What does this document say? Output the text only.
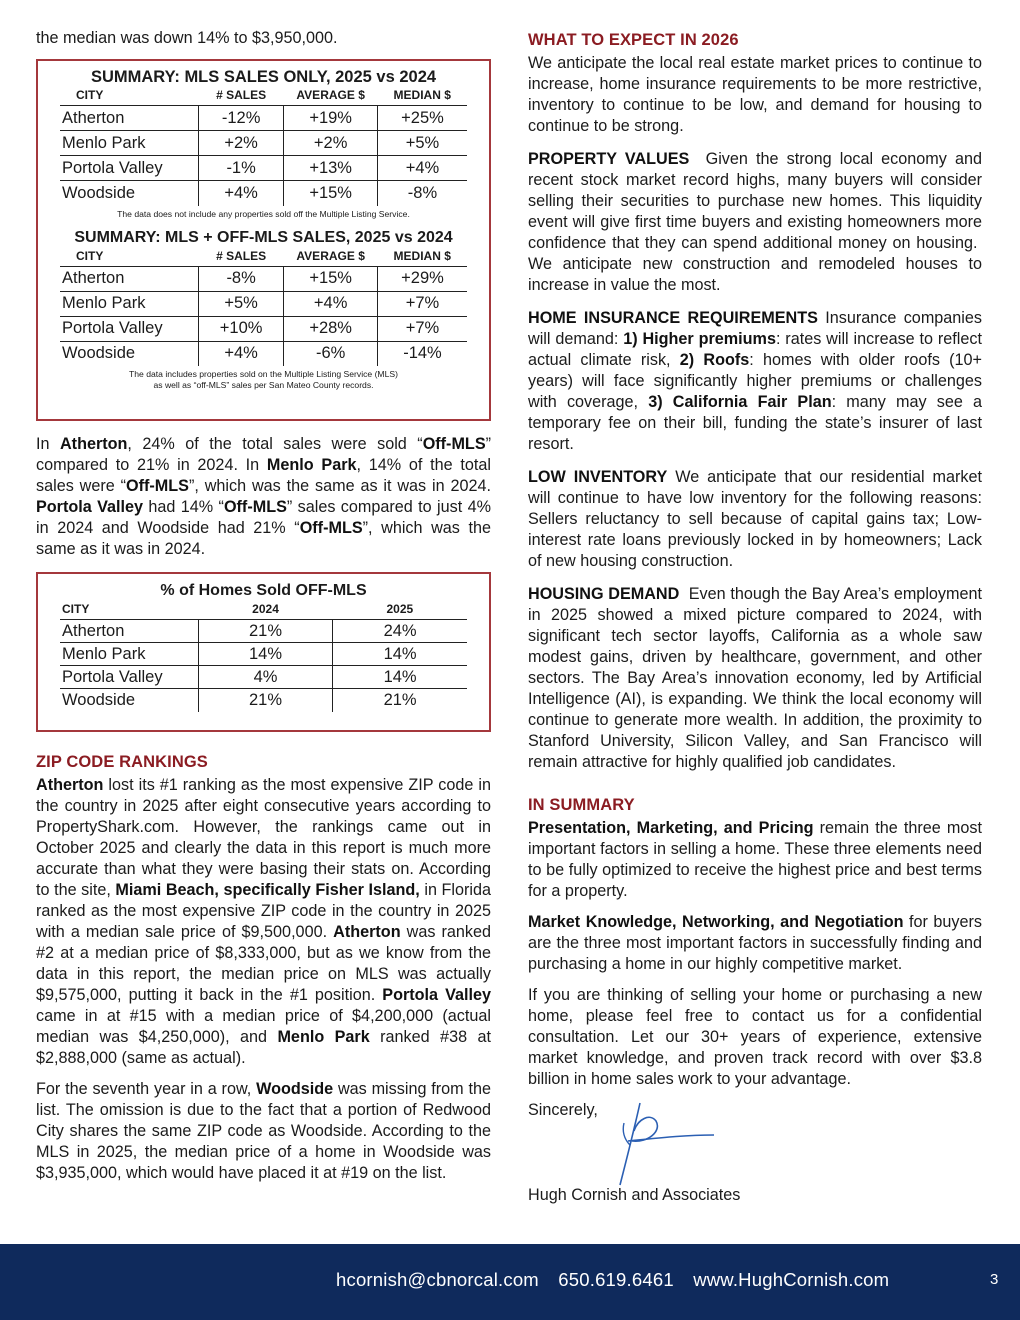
the median was down 14% to $3,950,000.

SUMMARY: MLS SALES ONLY, 2025 vs 2024
CITY	# SALES	AVERAGE $	MEDIAN $
Atherton	-12%	+19%	+25%
Menlo Park	+2%	+2%	+5%
Portola Valley	-1%	+13%	+4%
Woodside	+4%	+15%	-8%
The data does not include any properties sold off the Multiple Listing Service.
SUMMARY: MLS + OFF-MLS SALES, 2025 vs 2024
CITY	# SALES	AVERAGE $	MEDIAN $
Atherton	-8%	+15%	+29%
Menlo Park	+5%	+4%	+7%
Portola Valley	+10%	+28%	+7%
Woodside	+4%	-6%	-14%
The data includes properties sold on the Multiple Listing Service (MLS)
as well as “off-MLS” sales per San Mateo County records.

In Atherton, 24% of the total sales were sold “Off-MLS” compared to 21% in 2024. In Menlo Park, 14% of the total sales were “Off-MLS”, which was the same as it was in 2024. Portola Valley had 14% “Off-MLS” sales compared to just 4% in 2024 and Woodside had 21% “Off-MLS”, which was the same as it was in 2024.

% of Homes Sold OFF-MLS
CITY	2024	2025
Atherton	21%	24%
Menlo Park	14%	14%
Portola Valley	4%	14%
Woodside	21%	21%
ZIP CODE RANKINGS

Atherton lost its #1 ranking as the most expensive ZIP code in the country in 2025 after eight consecutive years according to PropertyShark.com. However, the rankings came out in October 2025 and clearly the data in this report is much more accurate than what they were basing their stats on. According to the site, Miami Beach, specifically Fisher Island, in Florida ranked as the most expensive ZIP code in the country in 2025 with a median sale price of $9,500,000. Atherton was ranked #2 at a median price of $8,333,000, but as we know from the data in this report, the median price on MLS was actually $9,575,000, putting it back in the #1 position. Portola Valley came in at #15 with a median price of $4,200,000 (actual median was $4,250,000), and Menlo Park ranked #38 at $2,888,000 (same as actual).

For the seventh year in a row, Woodside was missing from the list. The omission is due to the fact that a portion of Redwood City shares the same ZIP code as Woodside. According to the MLS in 2025, the median price of a home in Woodside was $3,935,000, which would have placed it at #19 on the list.

WHAT TO EXPECT IN 2026

We anticipate the local real estate market prices to continue to increase, home insurance requirements to be more restrictive, inventory to continue to be low, and demand for housing to continue to be strong.

PROPERTY VALUES  Given the strong local economy and recent stock market record highs, many buyers will consider selling their securities to purchase new homes. This liquidity event will give first time buyers and existing homeowners more confidence that they can spend additional money on housing.  We anticipate new construction and remodeled houses to increase in value the most.

HOME INSURANCE REQUIREMENTS Insurance companies will demand: 1) Higher premiums: rates will increase to reflect actual climate risk, 2) Roofs: homes with older roofs (10+ years) will face significantly higher premiums or challenges with coverage, 3) California Fair Plan: many may see a temporary fee on their bill, funding the state’s insurer of last resort.

LOW INVENTORY We anticipate that our residential market will continue to have low inventory for the following reasons: Sellers reluctancy to sell because of capital gains tax; Low-interest rate loans previously locked in by homeowners; Lack of new housing construction.

HOUSING DEMAND  Even though the Bay Area’s employment in 2025 showed a mixed picture compared to 2024, with significant tech sector layoffs, California as a whole saw modest gains, driven by healthcare, government, and other sectors. The Bay Area’s innovation economy, led by Artificial Intelligence (AI), is expanding. We think the local economy will continue to generate more wealth. In addition, the proximity to Stanford University, Silicon Valley, and San Francisco will remain attractive for highly qualified job candidates.

IN SUMMARY

Presentation, Marketing, and Pricing remain the three most important factors in selling a home. These three elements need to be fully optimized to receive the highest price and best terms for a property.

Market Knowledge, Networking, and Negotiation for buyers are the three most important factors in successfully finding and purchasing a home in our highly competitive market.

If you are thinking of selling your home or purchasing a new home, please feel free to contact us for a confidential consultation. Let our 30+ years of experience, extensive market knowledge, and proven track record with over $3.8 billion in home sales work to your advantage.

Sincerely,

Hugh Cornish and Associates

hcornish@cbnorcal.com 650.619.6461 www.HughCornish.com	3
